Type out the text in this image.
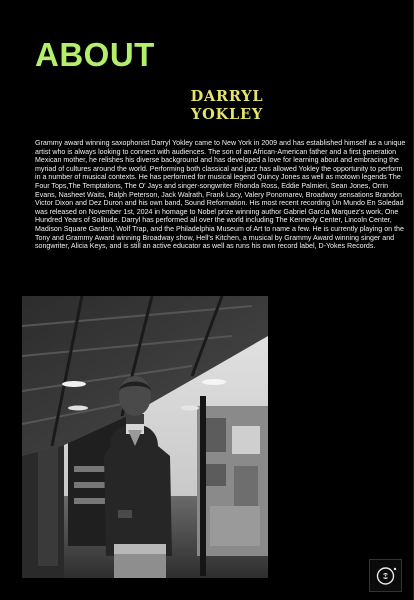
ABOUT
DARRYL
YOKLEY

Grammy award winning saxophonist Darryl Yokley came to New York in 2009 and has established himself as a unique artist who is always looking to connect with audiences. The son of an African-American father and a first generation Mexican mother, he relishes his diverse background and has developed a love for learning about and embracing the myriad of cultures around the world. Performing both classical and jazz has allowed Yokley the opportunity to perform in a number of musical contexts. He has performed for musical legend Quincy Jones as well as motown legends The Four Tops,The Temptations, The O' Jays and singer-songwriter Rhonda Ross, Eddie Palmieri, Sean Jones, Orrin Evans, Nasheet Waits, Ralph Peterson, Jack Walrath, Frank Lacy, Valery Ponomarev, Broadway sensations Brandon Victor Dixon and Dez Duron and his own band, Sound Reformation. His most recent recording Un Mundo En Soledad was released on November 1st, 2024 in homage to Nobel prize winning author Gabriel García Marquez's work, One Hundred Years of Solitude. Darryl has performed all over the world including The Kennedy Center, Lincoln Center, Madison Square Garden, Wolf Trap, and the Philadelphia Museum of Art to name a few. He is currently playing on the Tony and Grammy Award winning Broadway show, Hell's Kitchen, a musical by Grammy Award winning singer and songwriter, Alicia Keys, and is still an active educator as well as runs his own record label, D-Yokes Records.

✦
